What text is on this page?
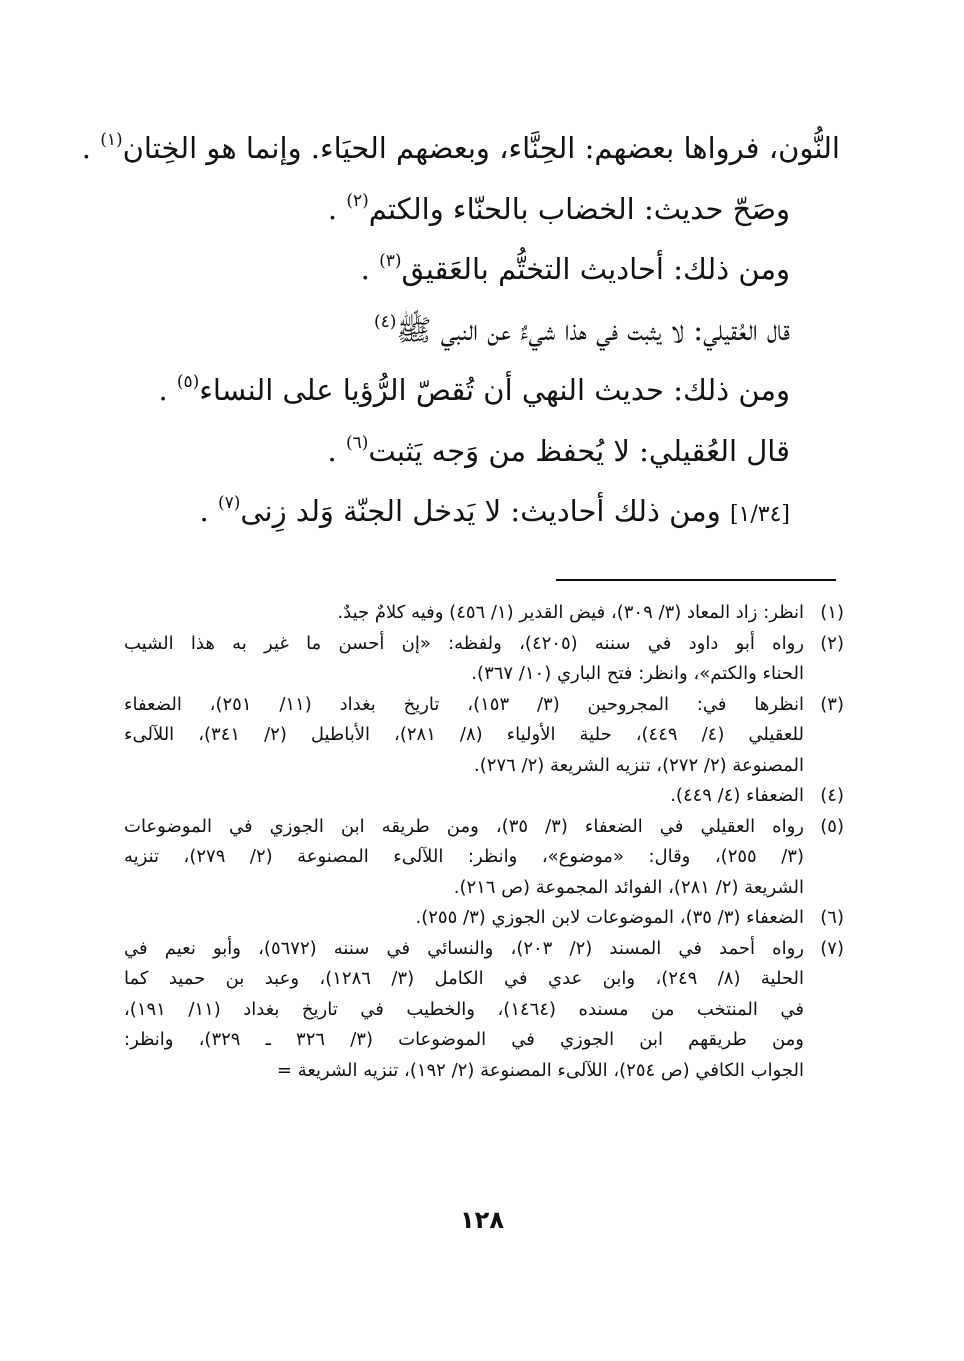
النُّون، فرواها بعضهم: الحِنَّاء، وبعضهم الحيَاء. وإنما هو الخِتان$^{(١)}$ .
وصَحّ حديث: الخضاب بالحنّاء والكتم$^{(٢)}$ .
ومن ذلك: أحاديث التختُّم بالعَقيق$^{(٣)}$ .
قال العُقيلي: لا يثبت في هذا شيءٌ عن النبي ﷺ$^{(٤)}$
ومن ذلك: حديث النهي أن تُقصّ الرُّؤيا على النساء$^{(٥)}$ .
قال العُقيلي: لا يُحفظ من وَجه يَثبت$^{(٦)}$ .
[١/٣٤] ومن ذلك أحاديث: لا يَدخل الجنّة وَلد زِنى$^{(٧)}$ .
(١)
انظر: زاد المعاد (٣/ ٣٠٩)، فيض القدير (١/ ٤٥٦) وفيه كلامٌ جيدٌ.
(٢)
رواه أبو داود في سننه (٤٢٠٥)، ولفظه: «إن أحسن ما غير به هذا الشيب
الحناء والكتم»، وانظر: فتح الباري (١٠/ ٣٦٧).
(٣)
انظرها في: المجروحين (٣/ ١٥٣)، تاريخ بغداد (١١/ ٢٥١)، الضعفاء
للعقيلي (٤/ ٤٤٩)، حلية الأولياء (٨/ ٢٨١)، الأباطيل (٢/ ٣٤١)، اللآلىء
المصنوعة (٢/ ٢٧٢)، تنزيه الشريعة (٢/ ٢٧٦).
(٤)
الضعفاء (٤/ ٤٤٩).
(٥)
رواه العقيلي في الضعفاء (٣/ ٣٥)، ومن طريقه ابن الجوزي في الموضوعات
(٣/ ٢٥٥)، وقال: «موضوع»، وانظر: اللآلىء المصنوعة (٢/ ٢٧٩)، تنزيه
الشريعة (٢/ ٢٨١)، الفوائد المجموعة (ص ٢١٦).
(٦)
الضعفاء (٣/ ٣٥)، الموضوعات لابن الجوزي (٣/ ٢٥٥).
(٧)
رواه أحمد في المسند (٢/ ٢٠٣)، والنسائي في سننه (٥٦٧٢)، وأبو نعيم في
الحلية (٨/ ٢٤٩)، وابن عدي في الكامل (٣/ ١٢٨٦)، وعبد بن حميد كما
في المنتخب من مسنده (١٤٦٤)، والخطيب في تاريخ بغداد (١١/ ١٩١)،
ومن طريقهم ابن الجوزي في الموضوعات (٣/ ٣٢٦ ـ ٣٢٩)، وانظر:
الجواب الكافي (ص ٢٥٤)، اللآلىء المصنوعة (٢/ ١٩٢)، تنزيه الشريعة =
١٢٨
